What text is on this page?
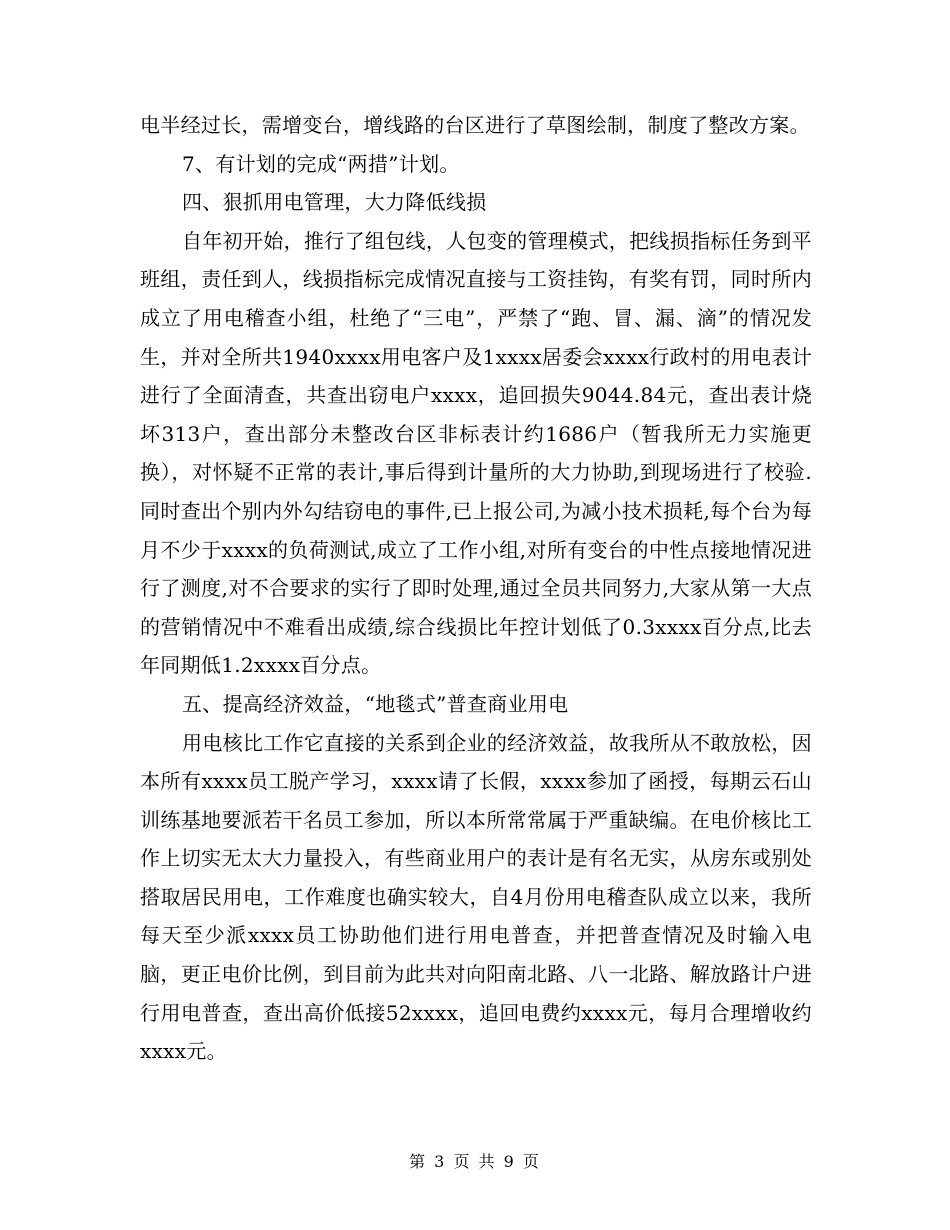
电半经过长，需增变台，增线路的台区进行了草图绘制，制度了整改方案。

7、有计划的完成“两措”计划。

四、狠抓用电管理，大力降低线损

自年初开始，推行了组包线，人包变的管理模式，把线损指标任务到平班组，责任到人，线损指标完成情况直接与工资挂钩，有奖有罚，同时所内成立了用电稽查小组，杜绝了“三电”，严禁了“跑、冒、漏、滴”的情况发生，并对全所共1940xxxx用电客户及1xxxx居委会xxxx行政村的用电表计进行了全面清查，共查出窃电户xxxx，追回损失9044.84元，查出表计烧坏313户，查出部分未整改台区非标表计约1686户（暂我所无力实施更换），对怀疑不正常的表计,事后得到计量所的大力协助,到现场进行了校验.同时查出个别内外勾结窃电的事件,已上报公司,为减小技术损耗,每个台为每月不少于xxxx的负荷测试,成立了工作小组,对所有变台的中性点接地情况进行了测度,对不合要求的实行了即时处理,通过全员共同努力,大家从第一大点的营销情况中不难看出成绩,综合线损比年控计划低了0.3xxxx百分点,比去年同期低1.2xxxx百分点。

五、提高经济效益，“地毯式”普查商业用电

用电核比工作它直接的关系到企业的经济效益，故我所从不敢放松，因本所有xxxx员工脱产学习，xxxx请了长假，xxxx参加了函授，每期云石山训练基地要派若干名员工参加，所以本所常常属于严重缺编。在电价核比工作上切实无太大力量投入，有些商业用户的表计是有名无实，从房东或别处搭取居民用电，工作难度也确实较大，自4月份用电稽查队成立以来，我所每天至少派xxxx员工协助他们进行用电普查，并把普查情况及时输入电脑，更正电价比例，到目前为此共对向阳南北路、八一北路、解放路计户进行用电普查，查出高价低接52xxxx，追回电费约xxxx元，每月合理增收约xxxx元。

第 3 页 共 9 页
